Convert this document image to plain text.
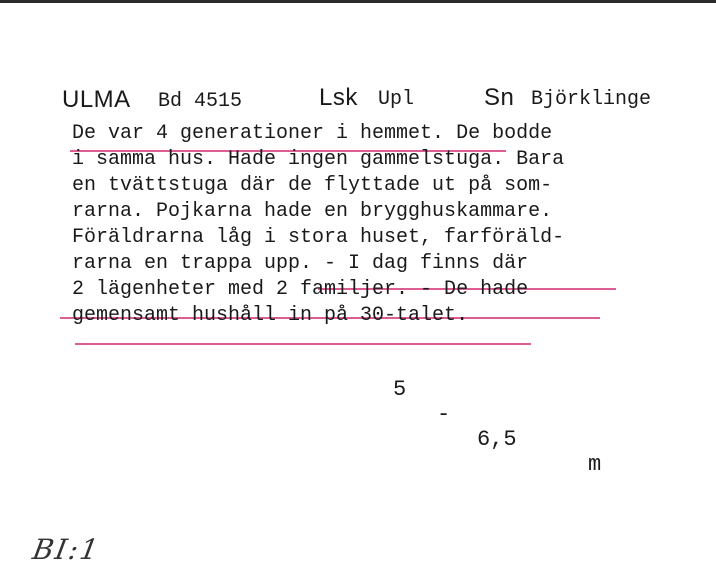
ULMA Bd 4515	Lsk Upl	Sn Björklinge
De var 4 generationer i hemmet. De bodde
i samma hus. Hade ingen gammelstuga. Bara
en tvättstuga där de flyttade ut på som-
rarna. Pojkarna hade en brygghuskammare.
Föräldrarna låg i stora huset, farföräld-
rarna en trappa upp. - I dag finns där
2 lägenheter med 2 familjer. - De hade
gemensamt hushåll in på 30-talet.

5

-

6,5

m

BI:1
